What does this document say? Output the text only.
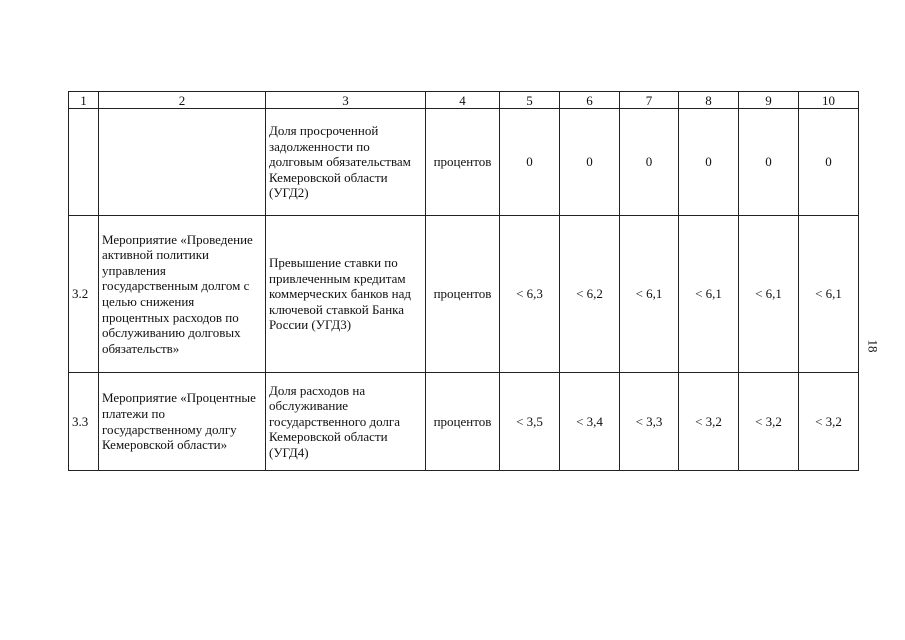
1	2	3	4	5	6	7	8	9	10
		Доля просроченной задолженности по долговым обязательствам Кемеровской области (УГД2)	процентов	0	0	0	0	0	0
3.2	Мероприятие «Проведение активной политики управления государственным долгом с целью снижения процентных расходов по обслуживанию долговых обязательств»	Превышение ставки по привлеченным кредитам коммерческих банков над ключевой ставкой Банка России (УГД3)	процентов	< 6,3	< 6,2	< 6,1	< 6,1	< 6,1	< 6,1
3.3	Мероприятие «Процентные платежи по государственному долгу Кемеровской области»	Доля расходов на обслуживание государственного долга Кемеровской области (УГД4)	процентов	< 3,5	< 3,4	< 3,3	< 3,2	< 3,2	< 3,2
18
